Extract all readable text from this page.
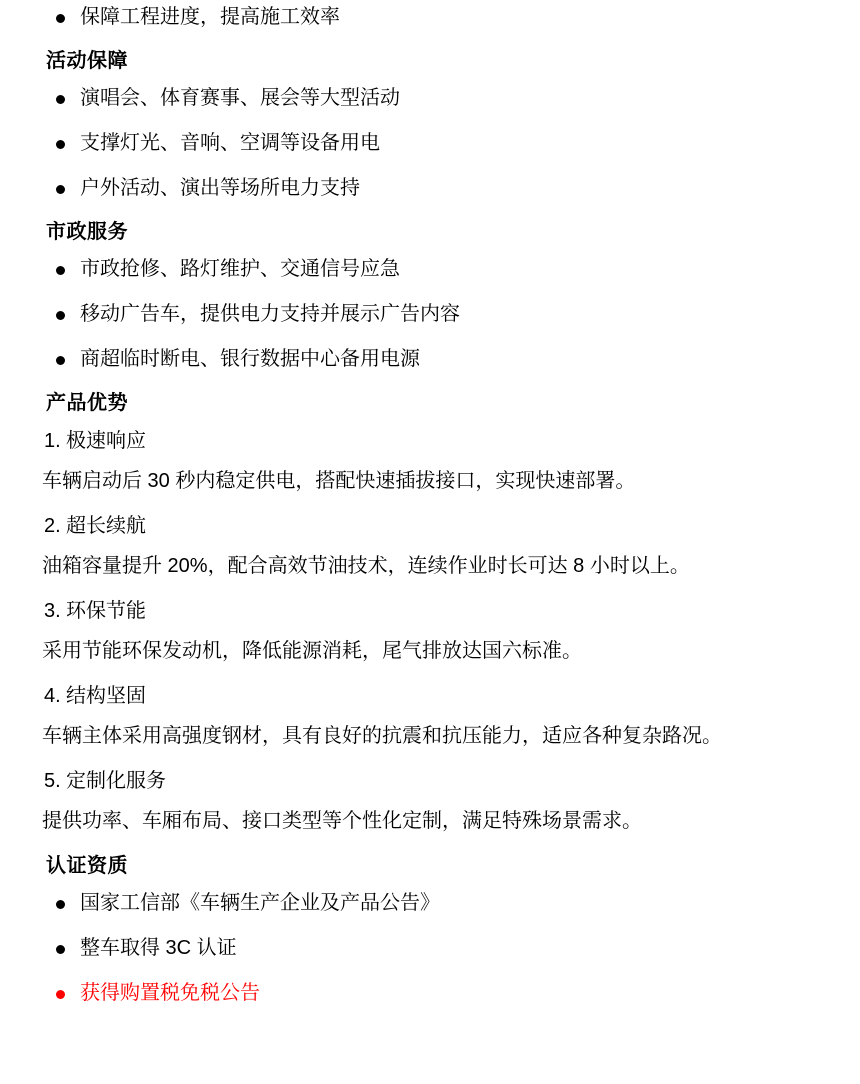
保障工程进度，提高施工效率
活动保障
演唱会、体育赛事、展会等大型活动
支撑灯光、音响、空调等设备用电
户外活动、演出等场所电力支持
市政服务
市政抢修、路灯维护、交通信号应急
移动广告车，提供电力支持并展示广告内容
商超临时断电、银行数据中心备用电源
产品优势
1. 极速响应
车辆启动后 30 秒内稳定供电，搭配快速插拔接口，实现快速部署。
2. 超长续航
油箱容量提升 20%，配合高效节油技术，连续作业时长可达 8 小时以上。
3. 环保节能
采用节能环保发动机，降低能源消耗，尾气排放达国六标准。
4. 结构坚固
车辆主体采用高强度钢材，具有良好的抗震和抗压能力，适应各种复杂路况。
5. 定制化服务
提供功率、车厢布局、接口类型等个性化定制，满足特殊场景需求。
认证资质
国家工信部《车辆生产企业及产品公告》
整车取得 3C 认证
获得购置税免税公告
